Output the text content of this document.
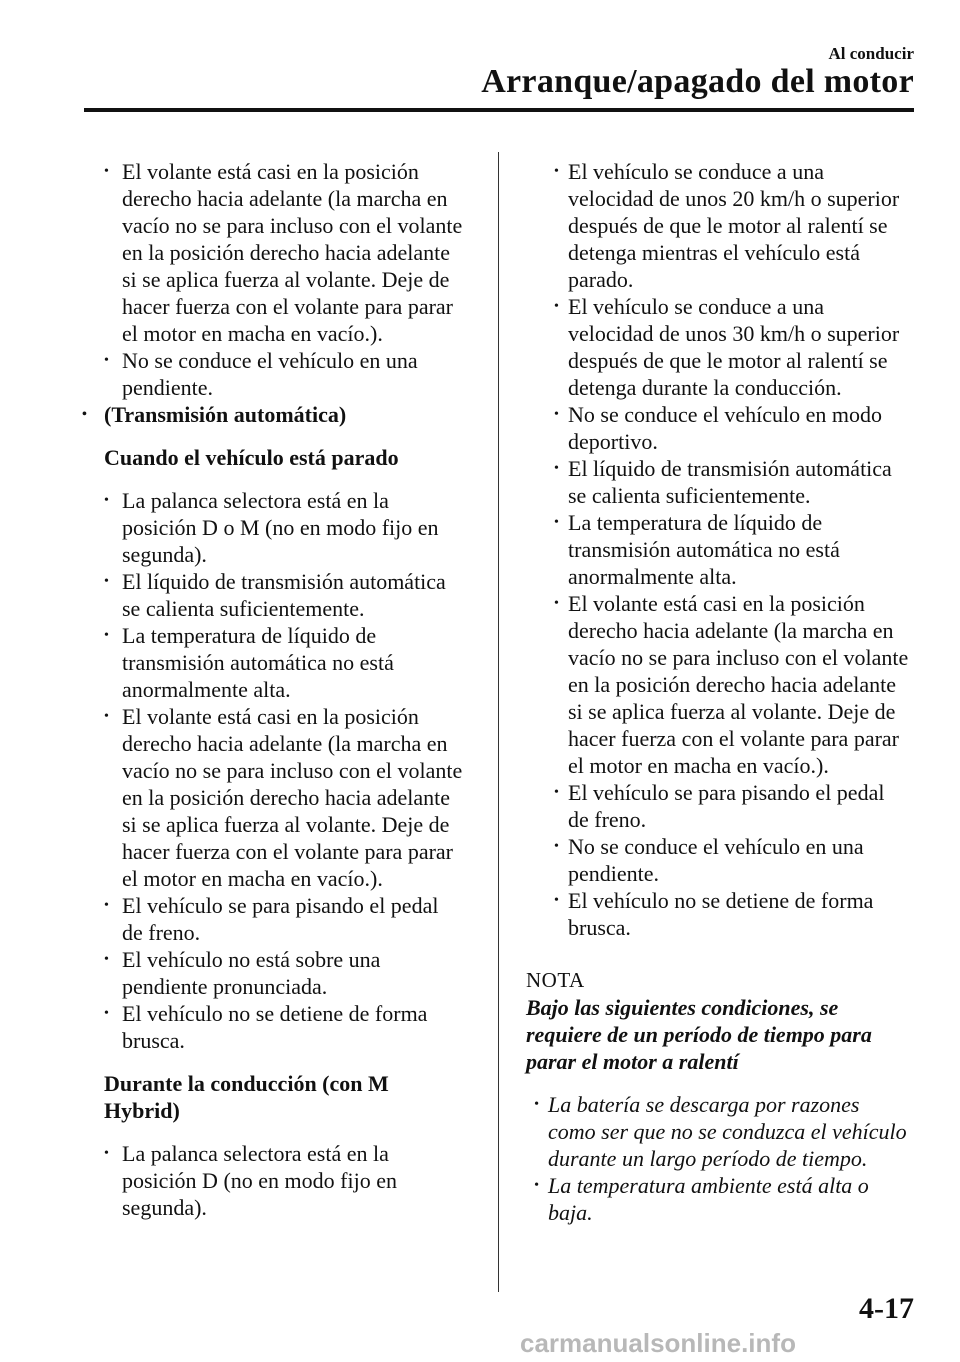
Al conducir
Arranque/apagado del motor
• El volante está casi en la posición
derecho hacia adelante (la marcha en
vacío no se para incluso con el volante
en la posición derecho hacia adelante
si se aplica fuerza al volante. Deje de
hacer fuerza con el volante para parar
el motor en macha en vacío.).
• No se conduce el vehículo en una
pendiente.
• (Transmisión automática)
Cuando el vehículo está parado
• La palanca selectora está en la
posición D o M (no en modo fijo en
segunda).
• El líquido de transmisión automática
se calienta suficientemente.
• La temperatura de líquido de
transmisión automática no está
anormalmente alta.
• El volante está casi en la posición
derecho hacia adelante (la marcha en
vacío no se para incluso con el volante
en la posición derecho hacia adelante
si se aplica fuerza al volante. Deje de
hacer fuerza con el volante para parar
el motor en macha en vacío.).
• El vehículo se para pisando el pedal
de freno.
• El vehículo no está sobre una
pendiente pronunciada.
• El vehículo no se detiene de forma
brusca.
Durante la conducción (con M
Hybrid)
• La palanca selectora está en la
posición D (no en modo fijo en
segunda).
• El vehículo se conduce a una
velocidad de unos 20 km/h o superior
después de que le motor al ralentí se
detenga mientras el vehículo está
parado.
• El vehículo se conduce a una
velocidad de unos 30 km/h o superior
después de que le motor al ralentí se
detenga durante la conducción.
• No se conduce el vehículo en modo
deportivo.
• El líquido de transmisión automática
se calienta suficientemente.
• La temperatura de líquido de
transmisión automática no está
anormalmente alta.
• El volante está casi en la posición
derecho hacia adelante (la marcha en
vacío no se para incluso con el volante
en la posición derecho hacia adelante
si se aplica fuerza al volante. Deje de
hacer fuerza con el volante para parar
el motor en macha en vacío.).
• El vehículo se para pisando el pedal
de freno.
• No se conduce el vehículo en una
pendiente.
• El vehículo no se detiene de forma
brusca.
NOTA
Bajo las siguientes condiciones, se
requiere de un período de tiempo para
parar el motor a ralentí
• La batería se descarga por razones
como ser que no se conduzca el vehículo
durante un largo período de tiempo.
• La temperatura ambiente está alta o
baja.
4-17
carmanualsonline.info
